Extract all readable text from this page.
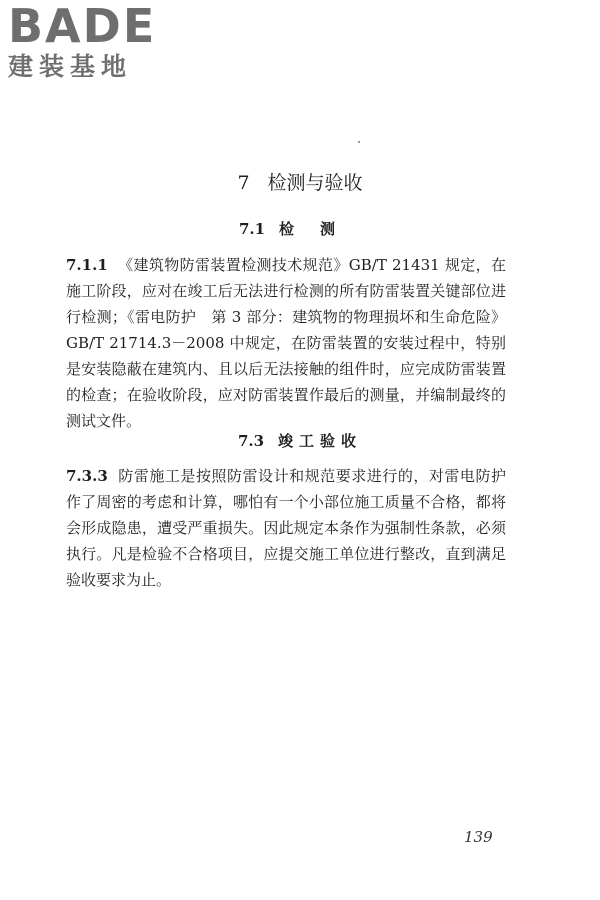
BADE
建装基地
7 检测与验收
7.1 检测
7.1.1 《建筑物防雷装置检测技术规范》GB/T 21431 规定，在施工阶段，应对在竣工后无法进行检测的所有防雷装置关键部位进行检测；《雷电防护　第 3 部分：建筑物的物理损坏和生命危险》GB/T 21714.3－2008 中规定，在防雷装置的安装过程中，特别是安装隐蔽在建筑内、且以后无法接触的组件时，应完成防雷装置的检查；在验收阶段，应对防雷装置作最后的测量，并编制最终的测试文件。
7.3 竣工验收
7.3.3 防雷施工是按照防雷设计和规范要求进行的，对雷电防护作了周密的考虑和计算，哪怕有一个小部位施工质量不合格，都将会形成隐患，遭受严重损失。因此规定本条作为强制性条款，必须执行。凡是检验不合格项目，应提交施工单位进行整改，直到满足验收要求为止。
139
